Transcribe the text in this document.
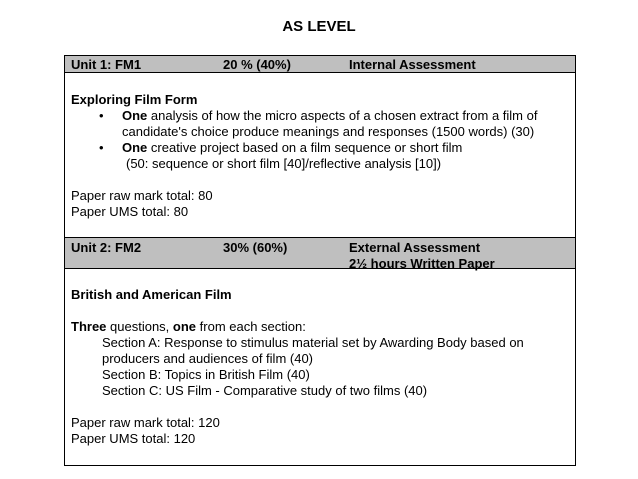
AS LEVEL
Unit 1: FM1	20 % (40%)	Internal Assessment
Exploring Film Form
• One analysis of how the micro aspects of a chosen extract from a film of
candidate's choice produce meanings and responses (1500 words) (30)
• One creative project based on a film sequence or short film
(50: sequence or short film [40]/reflective analysis [10])
Paper raw mark total: 80
Paper UMS total: 80
Unit 2: FM2	30% (60%)	External Assessment
2½ hours Written Paper
British and American Film
Three questions, one from each section:
Section A: Response to stimulus material set by Awarding Body based on
producers and audiences of film (40)
Section B: Topics in British Film (40)
Section C: US Film - Comparative study of two films (40)
Paper raw mark total: 120
Paper UMS total: 120
